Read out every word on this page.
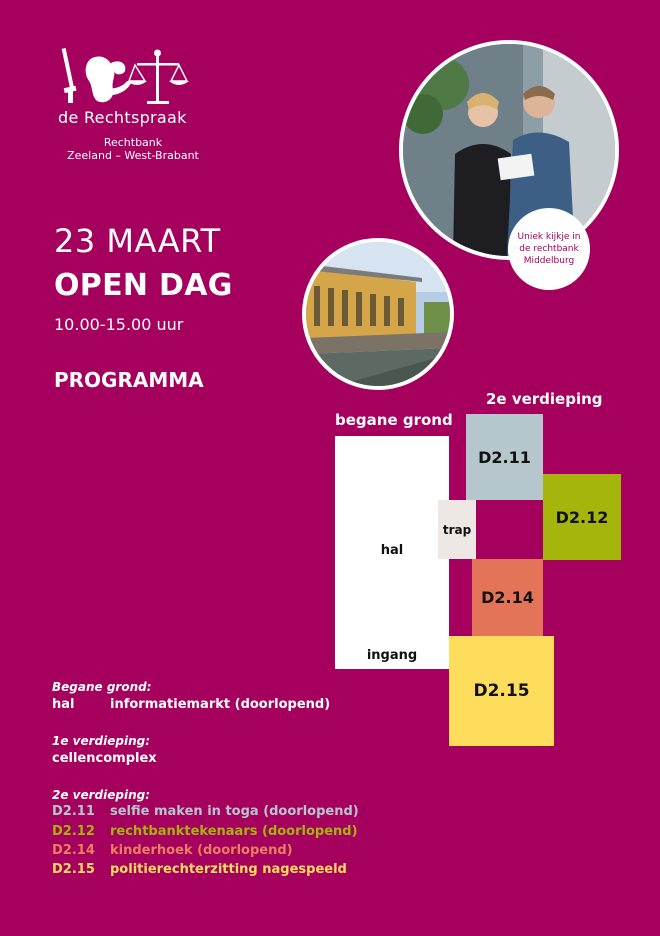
de Rechtspraak
Rechtbank
Zeeland – West-Brabant
23 MAART
OPEN DAG
10.00-15.00 uur
PROGRAMMA
Uniek kijkje in
de rechtbank
Middelburg
2e verdieping
begane grond
hal
ingang
trap
D2.11
D2.12
D2.14
D2.15
Begane grond:
hal	informatiemarkt (doorlopend)
1e verdieping:
cellencomplex
2e verdieping:
D2.11 selfie maken in toga (doorlopend)
D2.12 rechtbanktekenaars (doorlopend)
D2.14 kinderhoek (doorlopend)
D2.15 politierechterzitting nagespeeld
